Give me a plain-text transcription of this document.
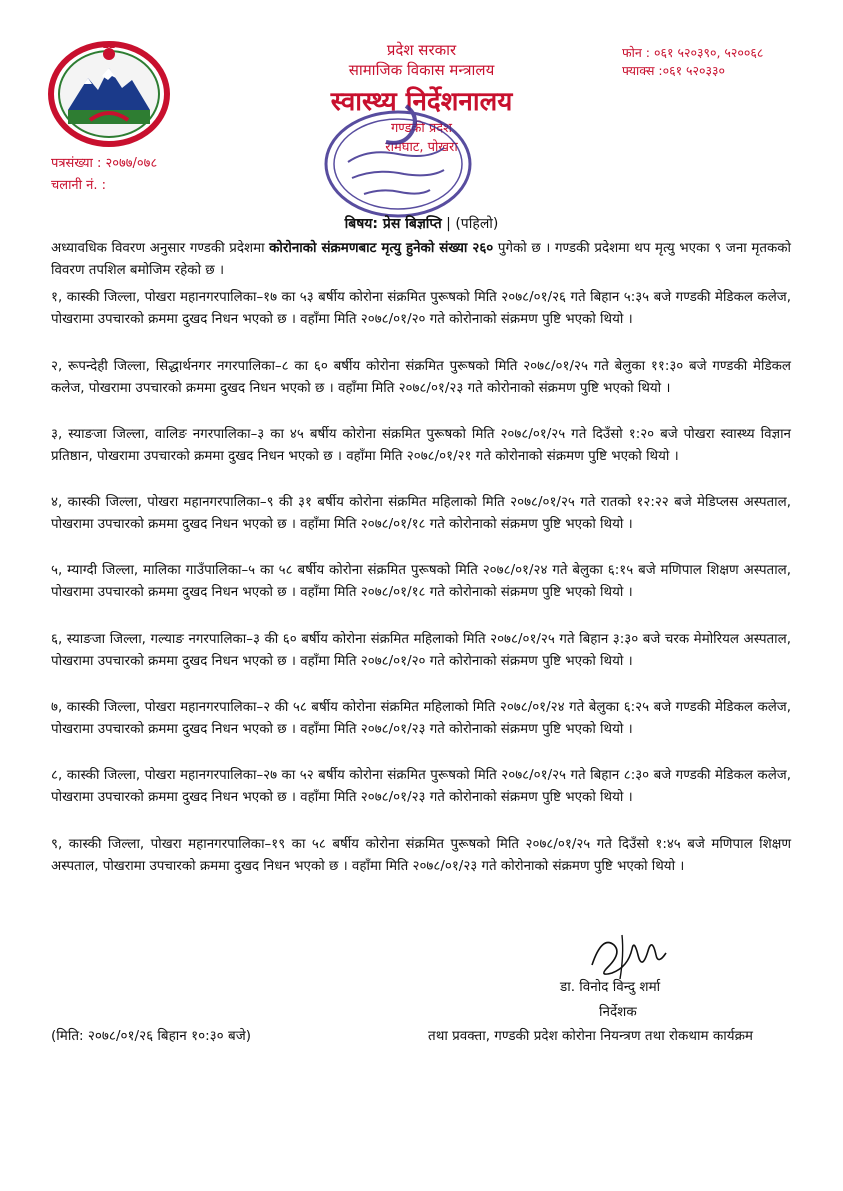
प्रदेश सरकार
सामाजिक विकास मन्त्रालय
स्वास्थ्य निर्देशनालय
गण्डकी प्रदेश
रामघाट, पोखरा
फोन : ०६१ ५२०३९०, ५२००६८
फ्याक्स :०६१ ५२०३३०
पत्रसंख्या : २०७७/०७८
चलानी नं. :
बिषय: प्रेस बिज्ञप्ति | (पहिलो)
अध्यावधिक विवरण अनुसार गण्डकी प्रदेशमा कोरोनाको संक्रमणबाट मृत्यु हुनेको संख्या २६० पुगेको छ । गण्डकी प्रदेशमा थप मृत्यु भएका ९ जना मृतकको विवरण तपशिल बमोजिम रहेको छ ।
१, कास्की जिल्ला, पोखरा महानगरपालिका–१७ का ५३ बर्षीय कोरोना संक्रमित पुरूषको मिति २०७८/०१/२६ गते बिहान ५:३५ बजे गण्डकी मेडिकल कलेज, पोखरामा उपचारको क्रममा दुखद निधन भएको छ । वहाँमा मिति २०७८/०१/२० गते कोरोनाको संक्रमण पुष्टि भएको थियो ।
२, रूपन्देही जिल्ला, सिद्धार्थनगर नगरपालिका–८ का ६० बर्षीय कोरोना संक्रमित पुरूषको मिति २०७८/०१/२५ गते बेलुका ११:३० बजे गण्डकी मेडिकल कलेज, पोखरामा उपचारको क्रममा दुखद निधन भएको छ । वहाँमा मिति २०७८/०१/२३ गते कोरोनाको संक्रमण पुष्टि भएको थियो ।
३, स्याङजा जिल्ला, वालिङ नगरपालिका–३ का ४५ बर्षीय कोरोना संक्रमित पुरूषको मिति २०७८/०१/२५ गते दिउँसो १:२० बजे पोखरा स्वास्थ्य विज्ञान प्रतिष्ठान, पोखरामा उपचारको क्रममा दुखद निधन भएको छ । वहाँमा मिति २०७८/०१/२१ गते कोरोनाको संक्रमण पुष्टि भएको थियो ।
४, कास्की जिल्ला, पोखरा महानगरपालिका–९ की ३१ बर्षीय कोरोना संक्रमित महिलाको मिति २०७८/०१/२५ गते रातको १२:२२ बजे मेडिप्लस अस्पताल, पोखरामा उपचारको क्रममा दुखद निधन भएको छ । वहाँमा मिति २०७८/०१/१८ गते कोरोनाको संक्रमण पुष्टि भएको थियो ।
५, म्याग्दी जिल्ला, मालिका गाउँपालिका–५ का ५८ बर्षीय कोरोना संक्रमित पुरूषको मिति २०७८/०१/२४ गते बेलुका ६:१५ बजे मणिपाल शिक्षण अस्पताल, पोखरामा उपचारको क्रममा दुखद निधन भएको छ । वहाँमा मिति २०७८/०१/१८ गते कोरोनाको संक्रमण पुष्टि भएको थियो ।
६, स्याङजा जिल्ला, गल्याङ नगरपालिका–३ की ६० बर्षीय कोरोना संक्रमित महिलाको मिति २०७८/०१/२५ गते बिहान ३:३० बजे चरक मेमोरियल अस्पताल, पोखरामा उपचारको क्रममा दुखद निधन भएको छ । वहाँमा मिति २०७८/०१/२० गते कोरोनाको संक्रमण पुष्टि भएको थियो ।
७, कास्की जिल्ला, पोखरा महानगरपालिका–२ की ५८ बर्षीय कोरोना संक्रमित महिलाको मिति २०७८/०१/२४ गते बेलुका ६:२५ बजे गण्डकी मेडिकल कलेज, पोखरामा उपचारको क्रममा दुखद निधन भएको छ । वहाँमा मिति २०७८/०१/२३ गते कोरोनाको संक्रमण पुष्टि भएको थियो ।
८, कास्की जिल्ला, पोखरा महानगरपालिका–२७ का ५२ बर्षीय कोरोना संक्रमित पुरूषको मिति २०७८/०१/२५ गते बिहान ८:३० बजे गण्डकी मेडिकल कलेज, पोखरामा उपचारको क्रममा दुखद निधन भएको छ । वहाँमा मिति २०७८/०१/२३ गते कोरोनाको संक्रमण पुष्टि भएको थियो ।
९, कास्की जिल्ला, पोखरा महानगरपालिका–१९ का ५८ बर्षीय कोरोना संक्रमित पुरूषको मिति २०७८/०१/२५ गते दिउँसो १:४५ बजे मणिपाल शिक्षण अस्पताल, पोखरामा उपचारको क्रममा दुखद निधन भएको छ । वहाँमा मिति २०७८/०१/२३ गते कोरोनाको संक्रमण पुष्टि भएको थियो ।
डा. विनोद विन्दु शर्मा
निर्देशक
तथा प्रवक्ता, गण्डकी प्रदेश कोरोना नियन्त्रण तथा रोकथाम कार्यक्रम
(मिति: २०७८/०१/२६ बिहान १०:३० बजे)
